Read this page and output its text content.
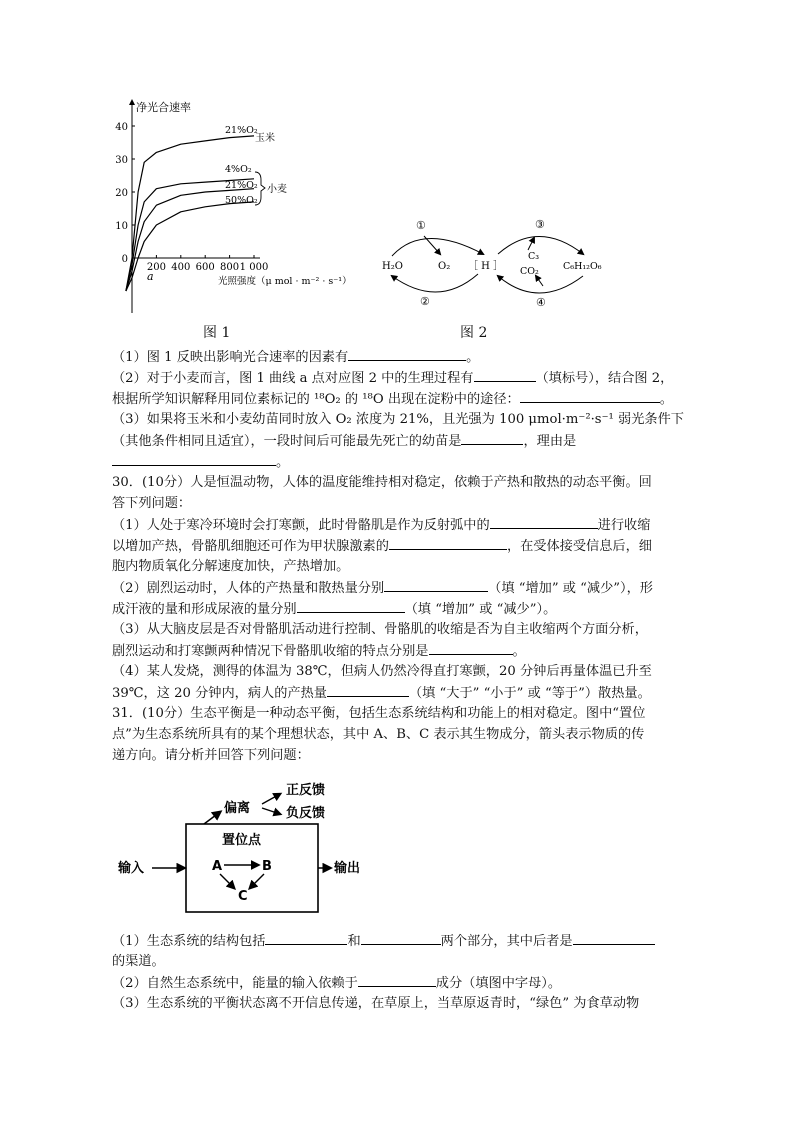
净光合速率
40
30
20
10
0
200 400 600 800 1 000
a
21%O₂
玉米
4%O₂
21%O₂
50%O₂
小麦
光照强度（μ mol · m⁻² · s⁻¹）
图 1
H₂O	O₂ ［ H ］
C₃
CO₂	C₆H₁₂O₆
①
②
③
④
图 2
（1）图 1 反映出影响光合速率的因素有	。
（2）对于小麦而言，图 1 曲线 a 点对应图 2 中的生理过程有	（填标号），结合图 2，
根据所学知识解释用同位素标记的 ¹⁸O₂ 的 ¹⁸O 出现在淀粉中的途径：	。
（3）如果将玉米和小麦幼苗同时放入 O₂ 浓度为 21%，且光强为 100 μmol·m⁻²·s⁻¹ 弱光条件下
（其他条件相同且适宜），一段时间后可能最先死亡的幼苗是	，理由是
。
30．(10分）人是恒温动物，人体的温度能维持相对稳定，依赖于产热和散热的动态平衡。回
答下列问题：
（1）人处于寒冷环境时会打寒颤，此时骨骼肌是作为反射弧中的	进行收缩
以增加产热，骨骼肌细胞还可作为甲状腺激素的	，在受体接受信息后，细
胞内物质氧化分解速度加快，产热增加。
（2）剧烈运动时，人体的产热量和散热量分别	（填 “增加” 或 “减少”），形
成汗液的量和形成尿液的量分别	（填 “增加” 或 “减少”）。
（3）从大脑皮层是否对骨骼肌活动进行控制、骨骼肌的收缩是否为自主收缩两个方面分析，
剧烈运动和打寒颤两种情况下骨骼肌收缩的特点分别是	。
（4）某人发烧，测得的体温为 38℃，但病人仍然冷得直打寒颤，20 分钟后再量体温已升至
39℃，这 20 分钟内，病人的产热量	（填 “大于” “小于” 或 “等于”）散热量。
31．(10分）生态平衡是一种动态平衡，包括生态系统结构和功能上的相对稳定。图中“置位
点”为生态系统所具有的某个理想状态，其中 A、B、C 表示其生物成分，箭头表示物质的传
递方向。请分析并回答下列问题：
置位点
A	B
C
输入	输出
偏离
正反馈
负反馈
（1）生态系统的结构包括	和	两个部分，其中后者是
的渠道。
（2）自然生态系统中，能量的输入依赖于	成分（填图中字母）。
（3）生态系统的平衡状态离不开信息传递，在草原上，当草原返青时，“绿色” 为食草动物
